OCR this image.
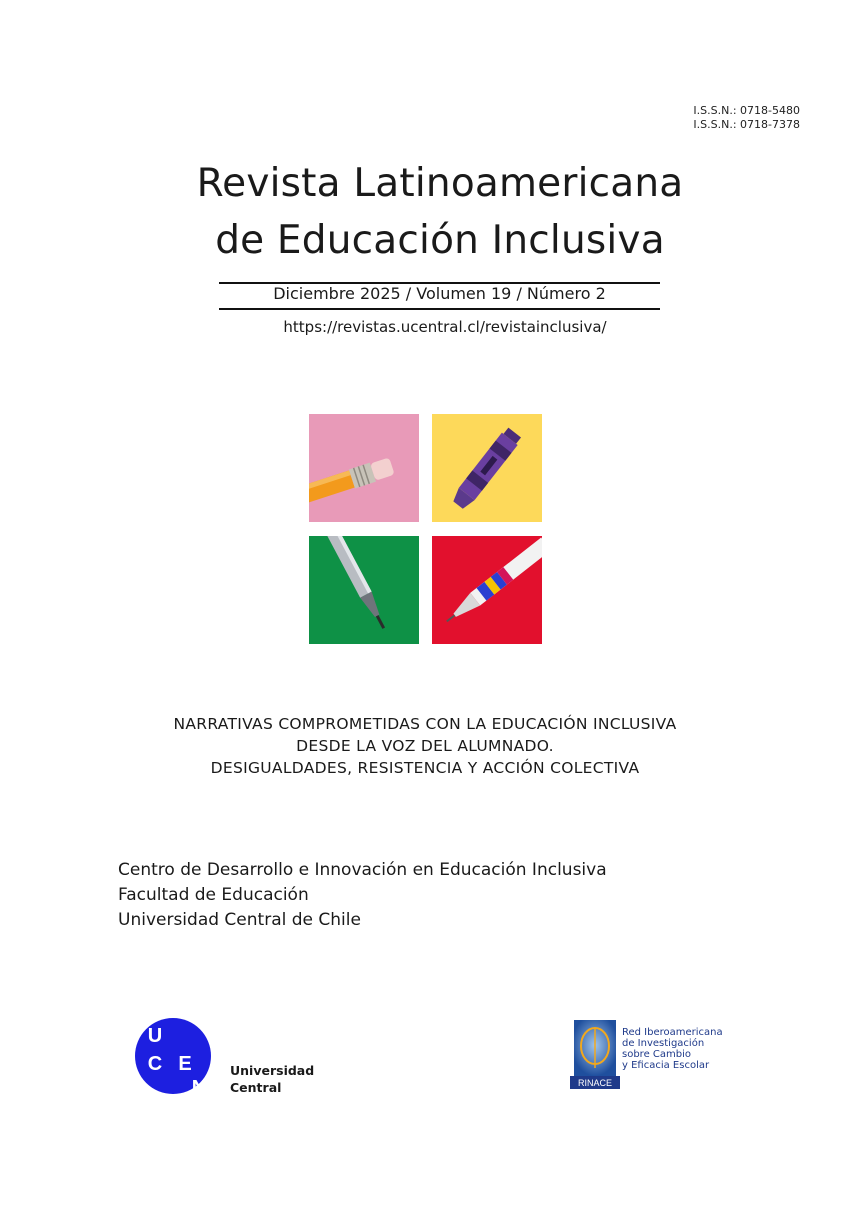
I.S.S.N.: 0718-5480
I.S.S.N.: 0718-7378
Revista Latinoamericana
de Educación Inclusiva
Diciembre 2025 / Volumen 19 / Número 2
https://revistas.ucentral.cl/revistainclusiva/
NARRATIVAS COMPROMETIDAS CON LA EDUCACIÓN INCLUSIVA
DESDE LA VOZ DEL ALUMNADO.
DESIGUALDADES, RESISTENCIA Y ACCIÓN COLECTIVA
Centro de Desarrollo e Innovación en Educación Inclusiva
Facultad de Educación
Universidad Central de Chile
U
C E
N
Universidad
Central	RINACE
Red Iberoamericana
de Investigación
sobre Cambio
y Eficacia Escolar
